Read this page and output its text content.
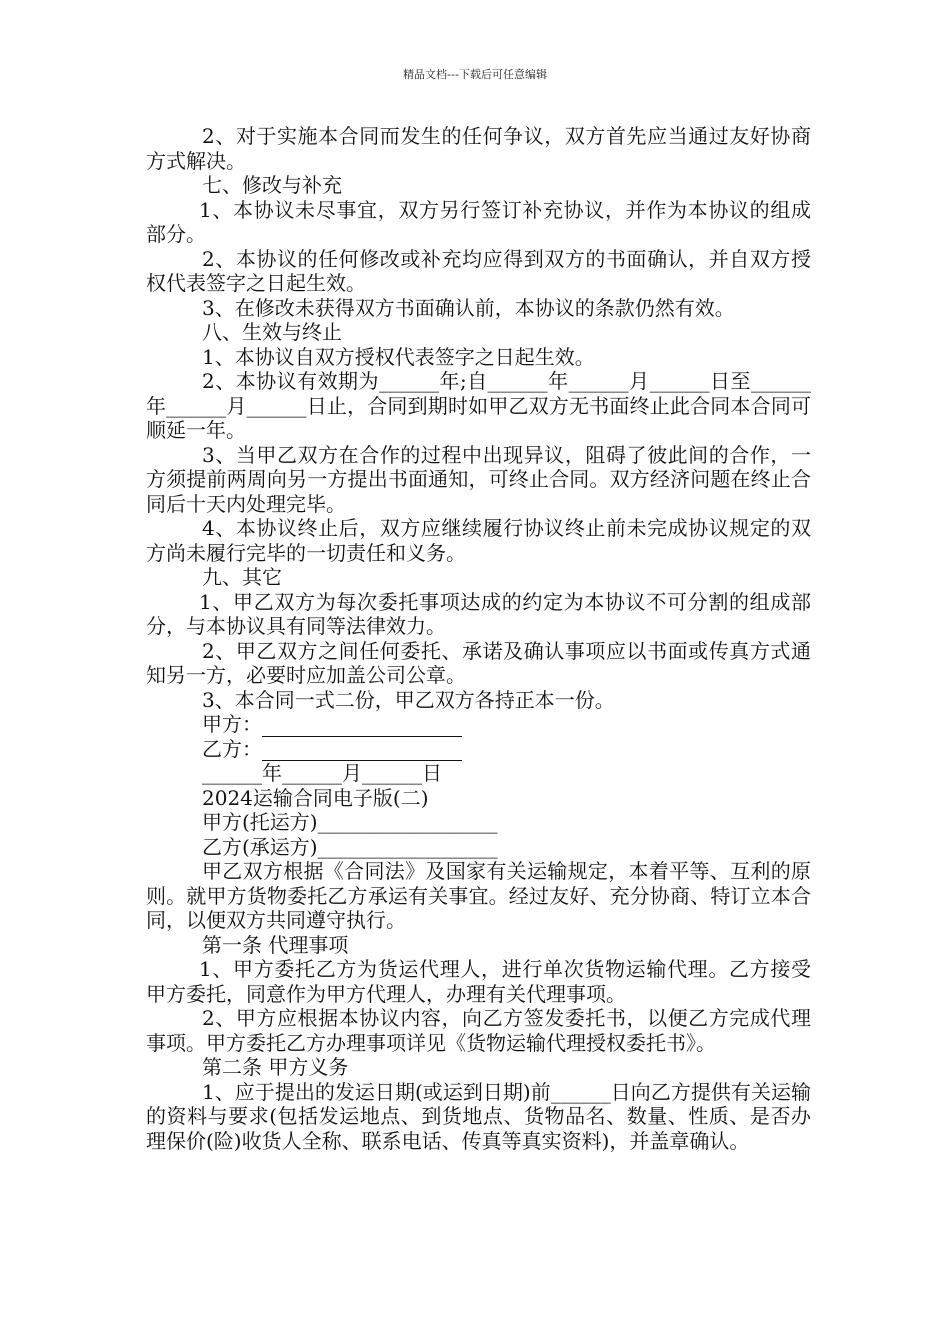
精品文档---下载后可任意编辑

2、对于实施本合同而发生的任何争议，双方首先应当通过友好协商方式解决。

七、修改与补充

1、本协议未尽事宜，双方另行签订补充协议，并作为本协议的组成部分。

2、本协议的任何修改或补充均应得到双方的书面确认，并自双方授权代表签字之日起生效。

3、在修改未获得双方书面确认前，本协议的条款仍然有效。

八、生效与终止

1、本协议自双方授权代表签字之日起生效。

2、本协议有效期为______年;自______年______月______日至______年______月______日止，合同到期时如甲乙双方无书面终止此合同本合同可顺延一年。

3、当甲乙双方在合作的过程中出现异议，阻碍了彼此间的合作，一方须提前两周向另一方提出书面通知，可终止合同。双方经济问题在终止合同后十天内处理完毕。

4、本协议终止后，双方应继续履行协议终止前未完成协议规定的双方尚未履行完毕的一切责任和义务。

九、其它

1、甲乙双方为每次委托事项达成的约定为本协议不可分割的组成部分，与本协议具有同等法律效力。

2、甲乙双方之间任何委托、承诺及确认事项应以书面或传真方式通知另一方，必要时应加盖公司公章。

3、本合同一式二份，甲乙双方各持正本一份。

甲方：

乙方：

______年______月______日

2024运输合同电子版(二)

甲方(托运方)__________________

乙方(承运方)__________________

甲乙双方根据《合同法》及国家有关运输规定，本着平等、互利的原则。就甲方货物委托乙方承运有关事宜。经过友好、充分协商、特订立本合同，以便双方共同遵守执行。

第一条 代理事项

1、甲方委托乙方为货运代理人，进行单次货物运输代理。乙方接受甲方委托，同意作为甲方代理人，办理有关代理事项。

2、甲方应根据本协议内容，向乙方签发委托书，以便乙方完成代理事项。甲方委托乙方办理事项详见《货物运输代理授权委托书》。

第二条 甲方义务

1、应于提出的发运日期(或运到日期)前______日向乙方提供有关运输的资料与要求(包括发运地点、到货地点、货物品名、数量、性质、是否办理保价(险)收货人全称、联系电话、传真等真实资料)，并盖章确认。
